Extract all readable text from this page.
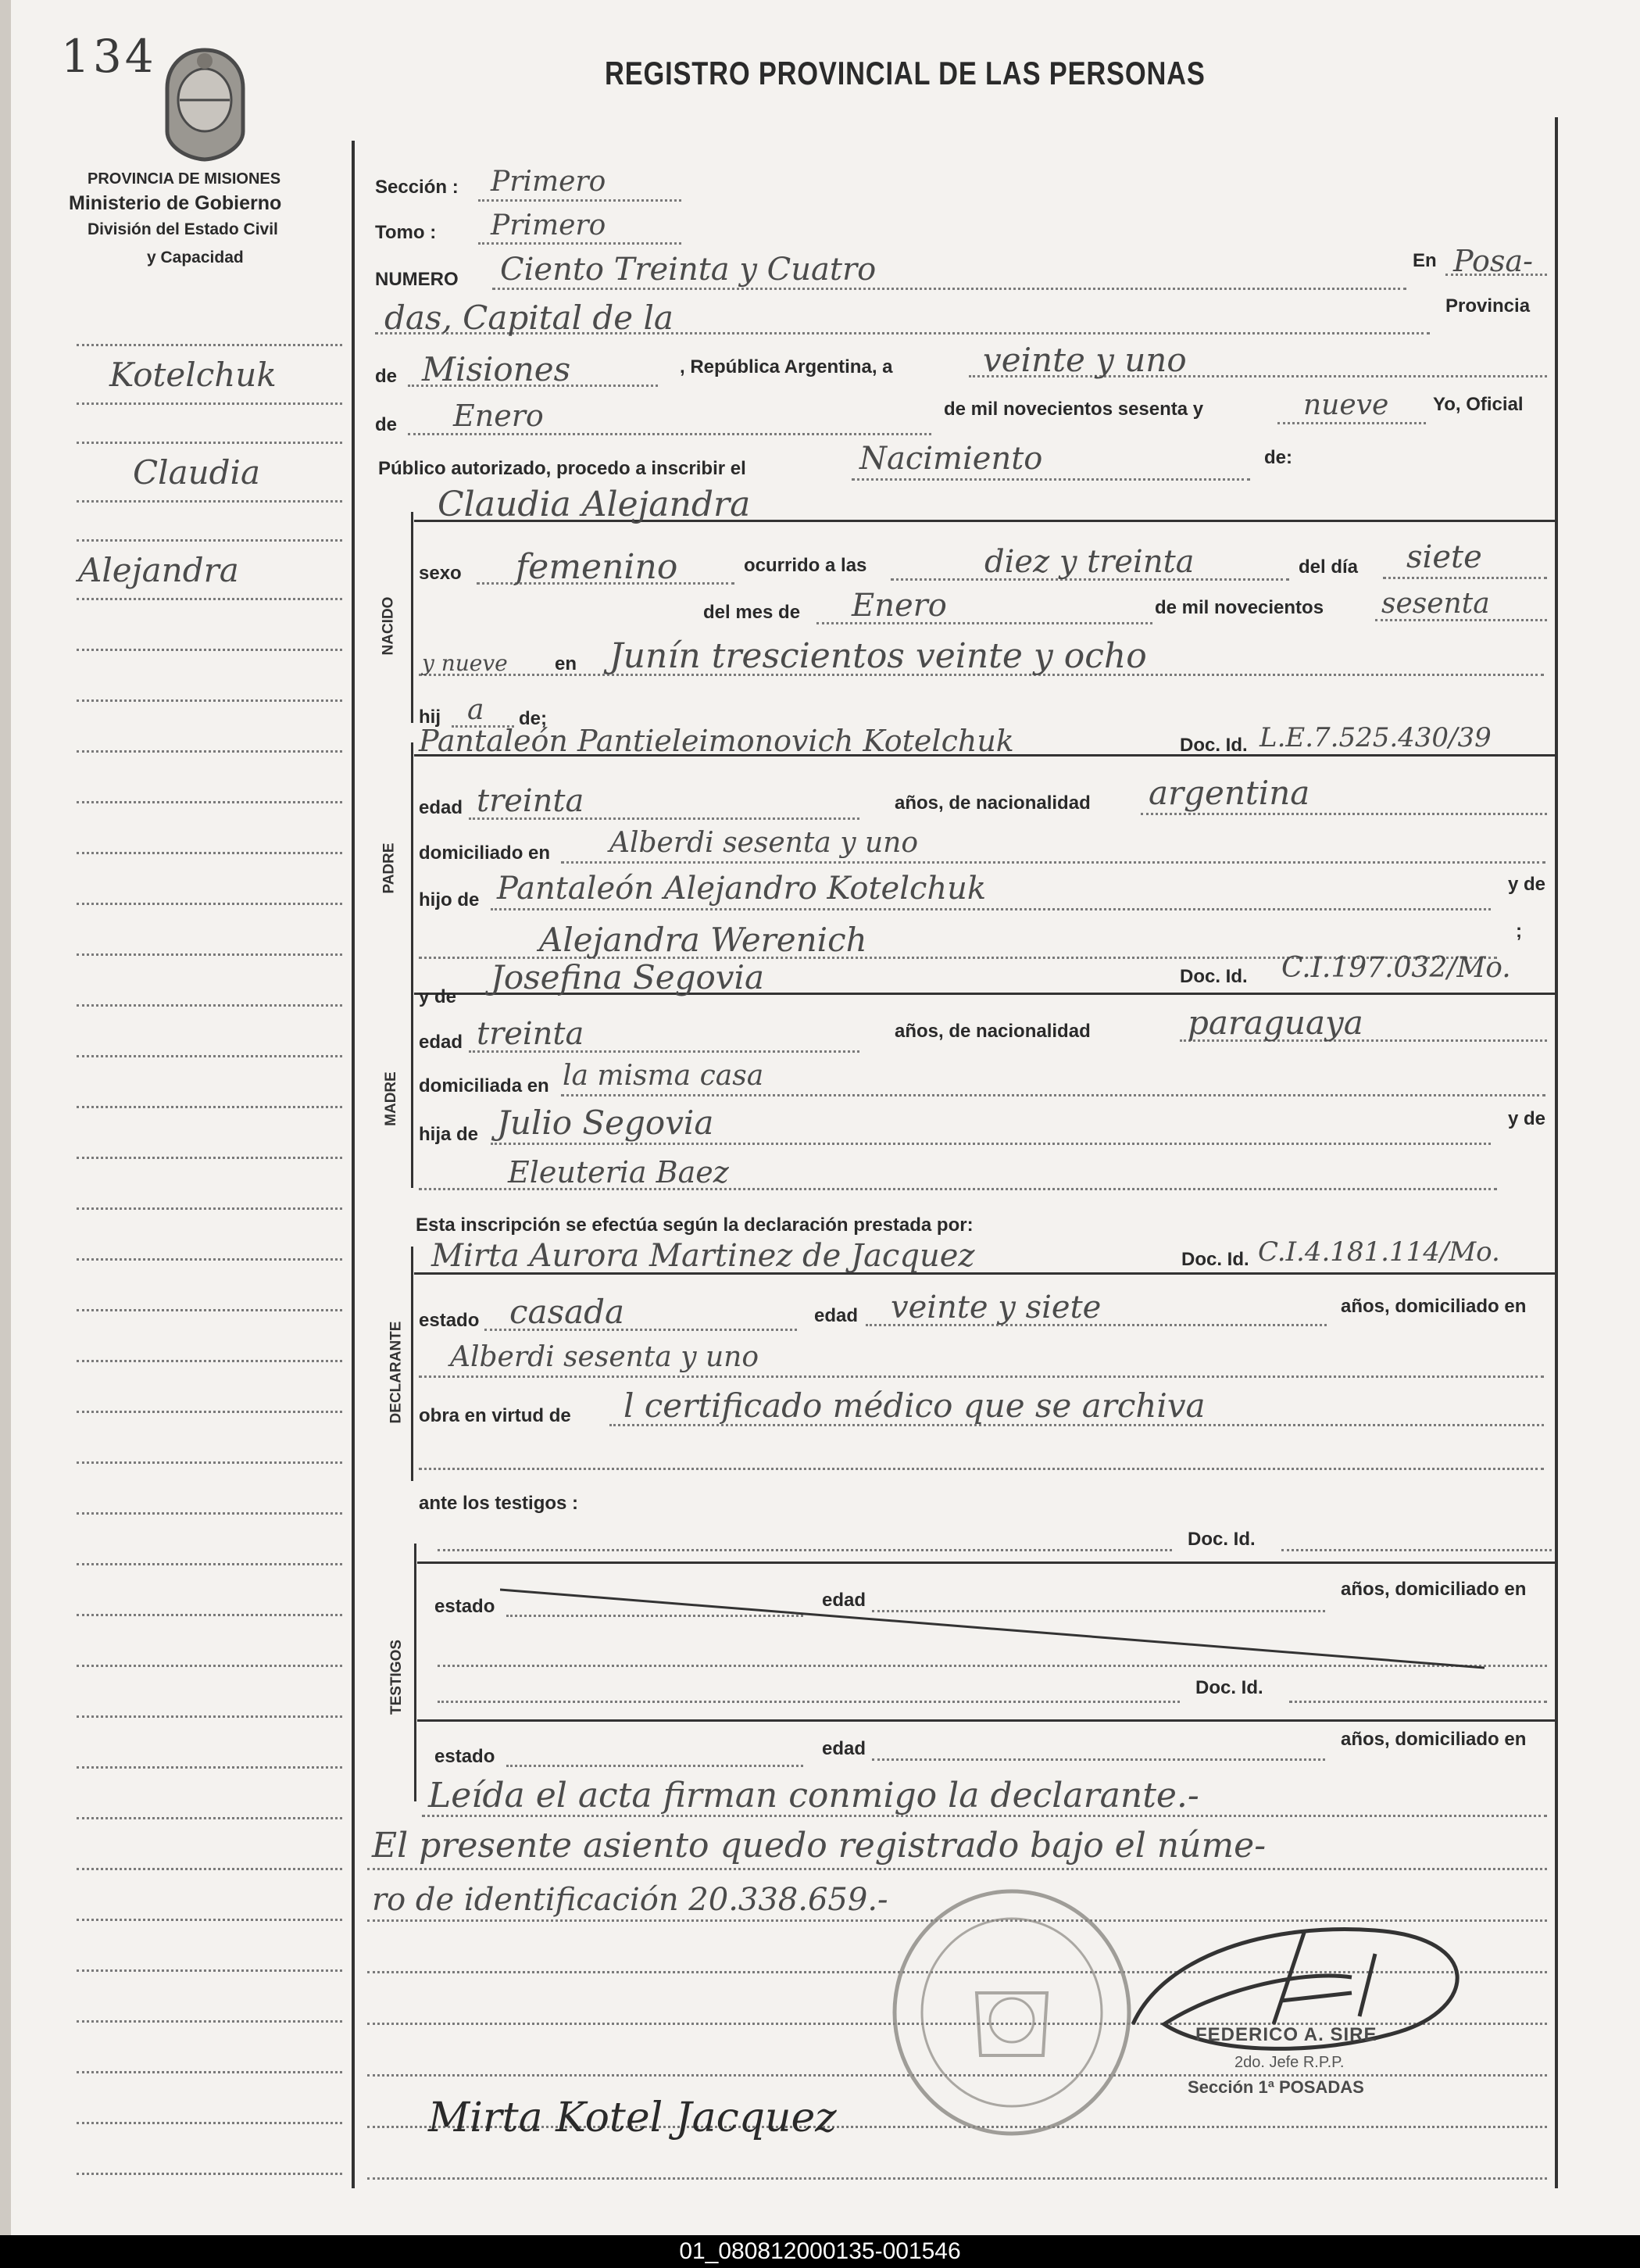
134
PROVINCIA DE MISIONES
Ministerio de Gobierno
División del Estado Civil
y Capacidad
REGISTRO PROVINCIAL DE LAS PERSONAS
Kotelchuk
Claudia
Alejandra
NACIDO
PADRE
MADRE
DECLARANTE
TESTIGOS
Sección : Primero
Tomo : Primero
NUMERO Ciento Treinta y Cuatro	En Posa-
das, Capital de la	Provincia
de Misiones	, República Argentina, a	veinte y uno
de Enero	de mil novecientos sesenta y	nueve Yo, Oficial
Público autorizado, procedo a inscribir el	Nacimiento	de:
Claudia Alejandra
sexo femenino	ocurrido a las	diez y treinta	del día siete
del mes de Enero	de mil novecientos sesenta
y nueve	en Junín trescientos veinte y ocho
hij a de;
Pantaleón Pantieleimonovich Kotelchuk	Doc. Id. L.E.7.525.430/39
edad treinta	años, de nacionalidad argentina
domiciliado en Alberdi sesenta y uno
hijo de Pantaleón Alejandro Kotelchuk	y de
Alejandra Werenich	;
y de
Josefina Segovia	Doc. Id. C.I.197.032/Mo.
edad treinta	años, de nacionalidad	paraguaya
domiciliada en la misma casa
hija de Julio Segovia	y de
Eleuteria Baez
Esta inscripción se efectúa según la declaración prestada por:
Mirta Aurora Martinez de Jacquez	Doc. Id. C.I.4.181.114/Mo.
estado casada	edad veinte y siete	años, domiciliado en
Alberdi sesenta y uno
obra en virtud de l certificado médico que se archiva
ante los testigos :
Doc. Id.
estado	edad
años, domiciliado en
Doc. Id.
estado	edad	años, domiciliado en
Leída el acta firman conmigo la declarante.-
El presente asiento quedo registrado bajo el núme-
ro de identificación 20.338.659.-
FEDERICO A. SIRE
2do. Jefe R.P.P.
Sección 1ª POSADAS
Mirta Kotel Jacquez
01_080812000135-001546
